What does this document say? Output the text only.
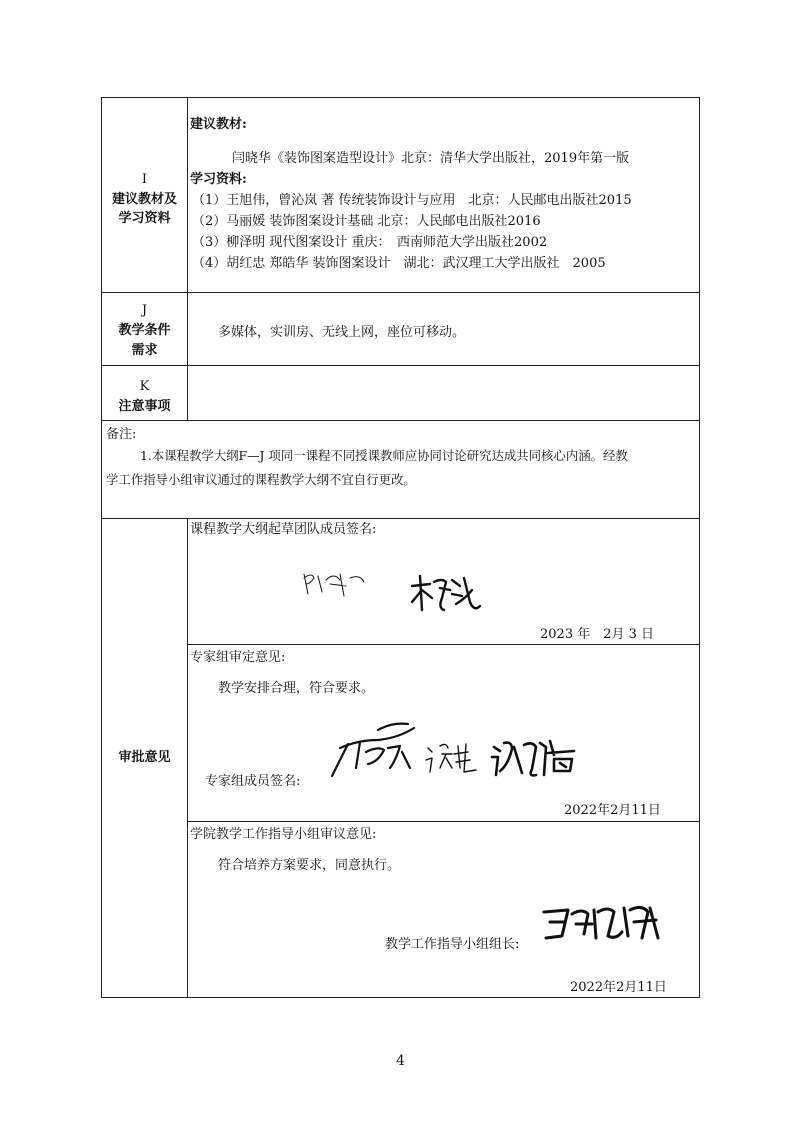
I
建议教材及学习资料
建议教材:
闫晓华《装饰图案造型设计》北京：清华大学出版社，2019年第一版
学习资料:
（1）王旭伟，曾沁岚 著 传统装饰设计与应用　北京：人民邮电出版社2015
（2）马丽媛 装饰图案设计基础 北京：人民邮电出版社2016
（3）柳泽明 现代图案设计 重庆：　西南师范大学出版社2002
（4）胡红忠 郑皓华 装饰图案设计　湖北：武汉理工大学出版社　2005
J
教学条件
需求
多媒体，实训房、无线上网，座位可移动。
K
注意事项
备注:
1.本课程教学大纲F—J 项同一课程不同授课教师应协同讨论研究达成共同核心内涵。经教
学工作指导小组审议通过的课程教学大纲不宜自行更改。
审批意见
课程教学大纲起草团队成员签名:
2023 年　2月 3 日
专家组审定意见:
教学安排合理，符合要求。
专家组成员签名:
2022年2月11日
学院教学工作指导小组审议意见:
符合培养方案要求，同意执行。
教学工作指导小组组长:
2022年2月11日
4
